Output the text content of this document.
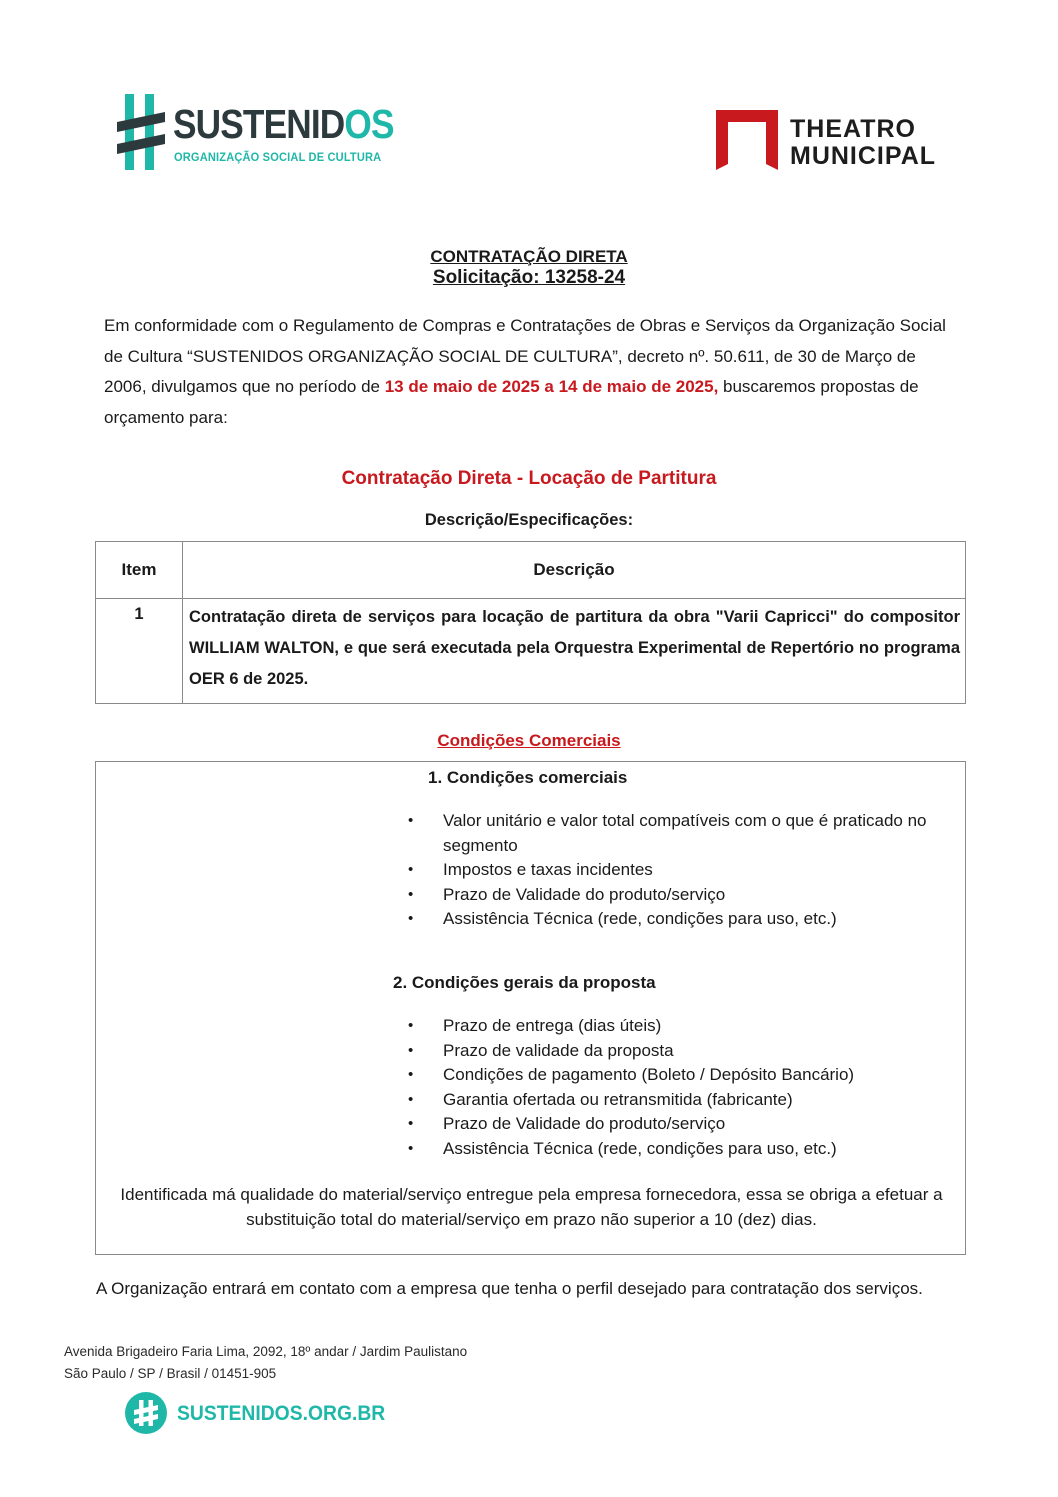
SUSTENIDOS
ORGANIZAÇÃO SOCIAL DE CULTURA
THEATRO
MUNICIPAL
CONTRATAÇÃO DIRETA
Solicitação: 13258-24

Em conformidade com o Regulamento de Compras e Contratações de Obras e Serviços da Organização Social de Cultura “SUSTENIDOS ORGANIZAÇÃO SOCIAL DE CULTURA”, decreto nº. 50.611, de 30 de Março de 2006, divulgamos que no período de 13 de maio de 2025 a 14 de maio de 2025, buscaremos propostas de orçamento para:

Contratação Direta - Locação de Partitura
Descrição/Especificações:
Item	Descrição
1	Contratação direta de serviços para locação de partitura da obra "Varii Capricci" do compositor WILLIAM WALTON, e que será executada pela Orquestra Experimental de Repertório no programa OER 6 de 2025.
Condições Comerciais
1. Condições comerciais
• Valor unitário e valor total compatíveis com o que é praticado no segmento
• Impostos e taxas incidentes
• Prazo de Validade do produto/serviço
• Assistência Técnica (rede, condições para uso, etc.)
2. Condições gerais da proposta
• Prazo de entrega (dias úteis)
• Prazo de validade da proposta
• Condições de pagamento (Boleto / Depósito Bancário)
• Garantia ofertada ou retransmitida (fabricante)
• Prazo de Validade do produto/serviço
• Assistência Técnica (rede, condições para uso, etc.)

Identificada má qualidade do material/serviço entregue pela empresa fornecedora, essa se obriga a efetuar a substituição total do material/serviço em prazo não superior a 10 (dez) dias.

A Organização entrará em contato com a empresa que tenha o perfil desejado para contratação dos serviços.

Avenida Brigadeiro Faria Lima, 2092, 18º andar / Jardim Paulistano
São Paulo / SP / Brasil / 01451-905
SUSTENIDOS.ORG.BR
